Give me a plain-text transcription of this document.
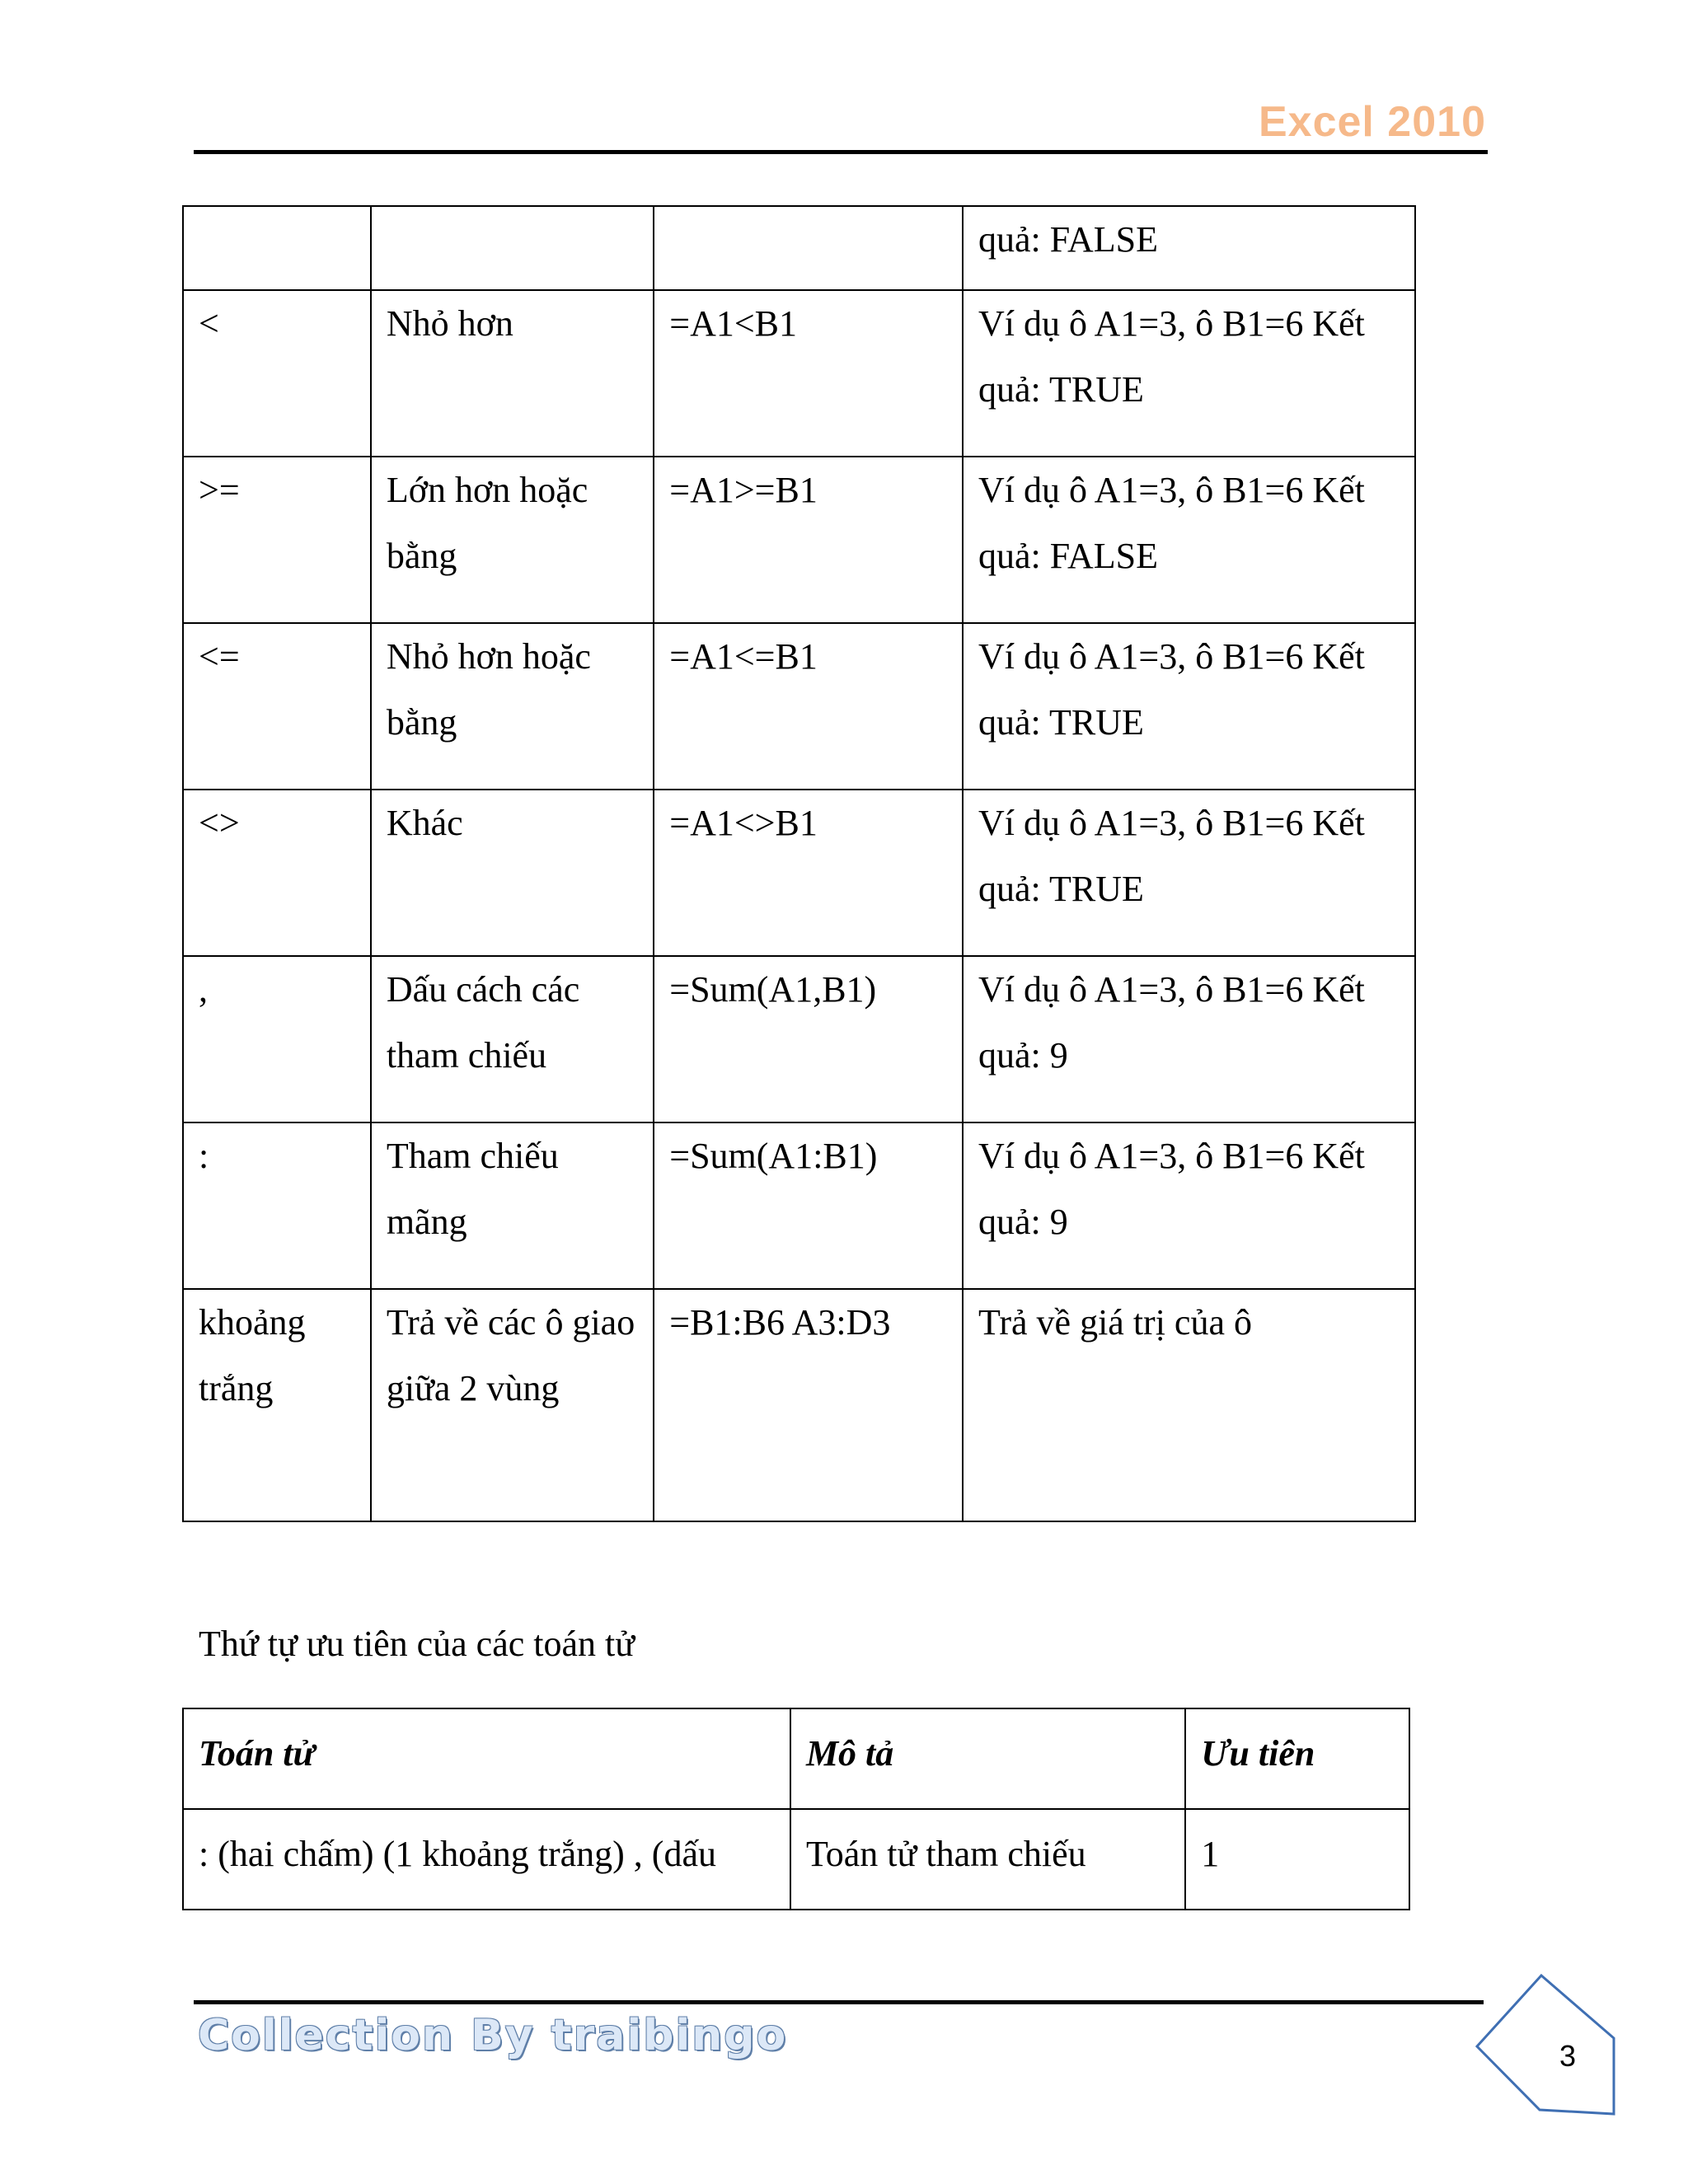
Excel 2010
			quả: FALSE
<	Nhỏ hơn	=A1<B1	Ví dụ ô A1=3, ô B1=6 Kết quả: TRUE
>=	Lớn hơn hoặc bằng	=A1>=B1	Ví dụ ô A1=3, ô B1=6 Kết quả: FALSE
<=	Nhỏ hơn hoặc bằng	=A1<=B1	Ví dụ ô A1=3, ô B1=6 Kết quả: TRUE
<>	Khác	=A1<>B1	Ví dụ ô A1=3, ô B1=6 Kết quả: TRUE
,	Dấu cách các tham chiếu	=Sum(A1,B1)	Ví dụ ô A1=3, ô B1=6 Kết quả: 9
:	Tham chiếu mãng	=Sum(A1:B1)	Ví dụ ô A1=3, ô B1=6 Kết quả: 9
khoảng trắng	Trả về các ô giao giữa 2 vùng	=B1:B6 A3:D3	Trả về giá trị của ô
Thứ tự ưu tiên của các toán tử
Toán tử	Mô tả	Ưu tiên
: (hai chấm) (1 khoảng trắng) , (dấu	Toán tử tham chiếu	1
Collection By traibingo	3
